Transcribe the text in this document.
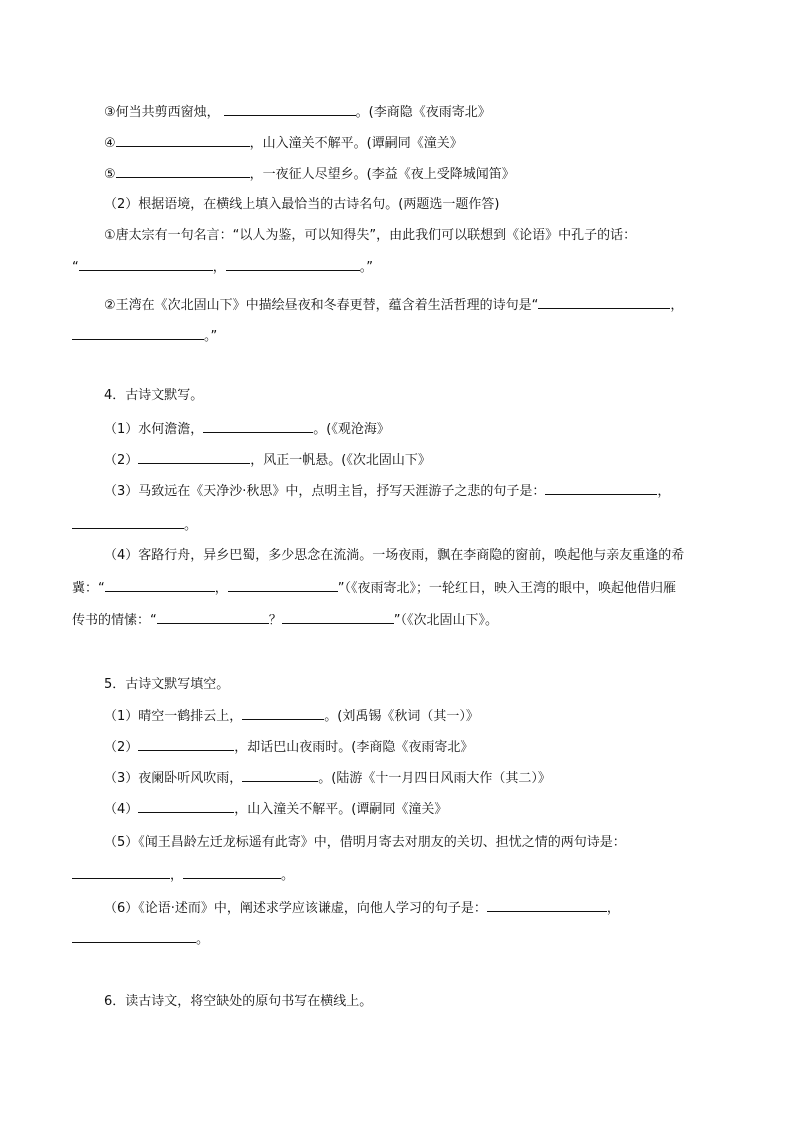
③何当共剪西窗烛，	。(李商隐《夜雨寄北》
④	，山入潼关不解平。(谭嗣同《潼关》
⑤	，一夜征人尽望乡。(李益《夜上受降城闻笛》
（2）根据语境，在横线上填入最恰当的古诗名句。(两题选一题作答)
①唐太宗有一句名言：“以人为鉴，可以知得失”，由此我们可以联想到《论语》中孔子的话：
“	，	。”
②王湾在《次北固山下》中描绘昼夜和冬春更替，蕴含着生活哲理的诗句是“	，
。”
4．古诗文默写。
（1）水何澹澹，	。(《观沧海》
（2）	，风正一帆悬。(《次北固山下》
（3）马致远在《天净沙·秋思》中，点明主旨，抒写天涯游子之悲的句子是：	，
。
（4）客路行舟，异乡巴蜀，多少思念在流淌。一场夜雨，飘在李商隐的窗前，唤起他与亲友重逢的希
冀：“	，	”（《夜雨寄北》；一轮红日，映入王湾的眼中，唤起他借归雁
传书的情愫：“	？	”（《次北固山下》。
5．古诗文默写填空。
（1）晴空一鹤排云上，	。(刘禹锡《秋词（其一）》
（2）	，却话巴山夜雨时。(李商隐《夜雨寄北》
（3）夜阑卧听风吹雨，	。(陆游《十一月四日风雨大作（其二）》
（4）	，山入潼关不解平。(谭嗣同《潼关》
（5）《闻王昌龄左迁龙标遥有此寄》中，借明月寄去对朋友的关切、担忧之情的两句诗是：
，	。
（6）《论语·述而》中，阐述求学应该谦虚，向他人学习的句子是：	，
。
6．读古诗文，将空缺处的原句书写在横线上。
